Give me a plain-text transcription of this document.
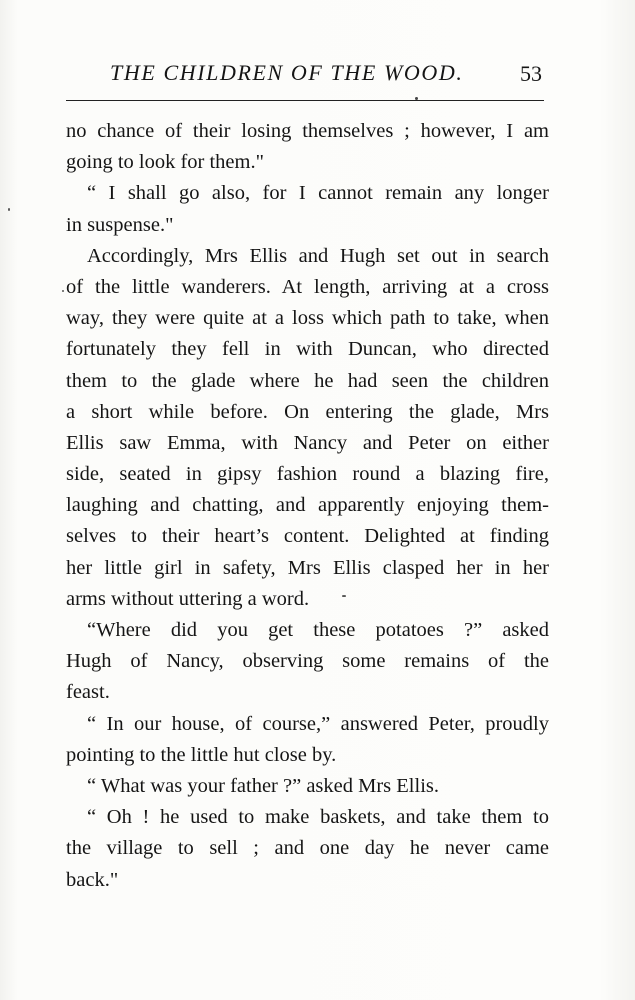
THE CHILDREN OF THE WOOD.	53
no chance of their losing themselves ; however, I am
going to look for them."
“ I shall go also, for I cannot remain any longer
in suspense."
Accordingly, Mrs Ellis and Hugh set out in search
of the little wanderers. At length, arriving at a cross
way, they were quite at a loss which path to take, when
fortunately they fell in with Duncan, who directed
them to the glade where he had seen the children
a short while before. On entering the glade, Mrs
Ellis saw Emma, with Nancy and Peter on either
side, seated in gipsy fashion round a blazing fire,
laughing and chatting, and apparently enjoying them-
selves to their heart’s content. Delighted at finding
her little girl in safety, Mrs Ellis clasped her in her
arms without uttering a word.
“Where did you get these potatoes ?” asked
Hugh of Nancy, observing some remains of the
feast.
“ In our house, of course,” answered Peter, proudly
pointing to the little hut close by.
“ What was your father ?” asked Mrs Ellis.
“ Oh ! he used to make baskets, and take them to
the village to sell ; and one day he never came
back."
